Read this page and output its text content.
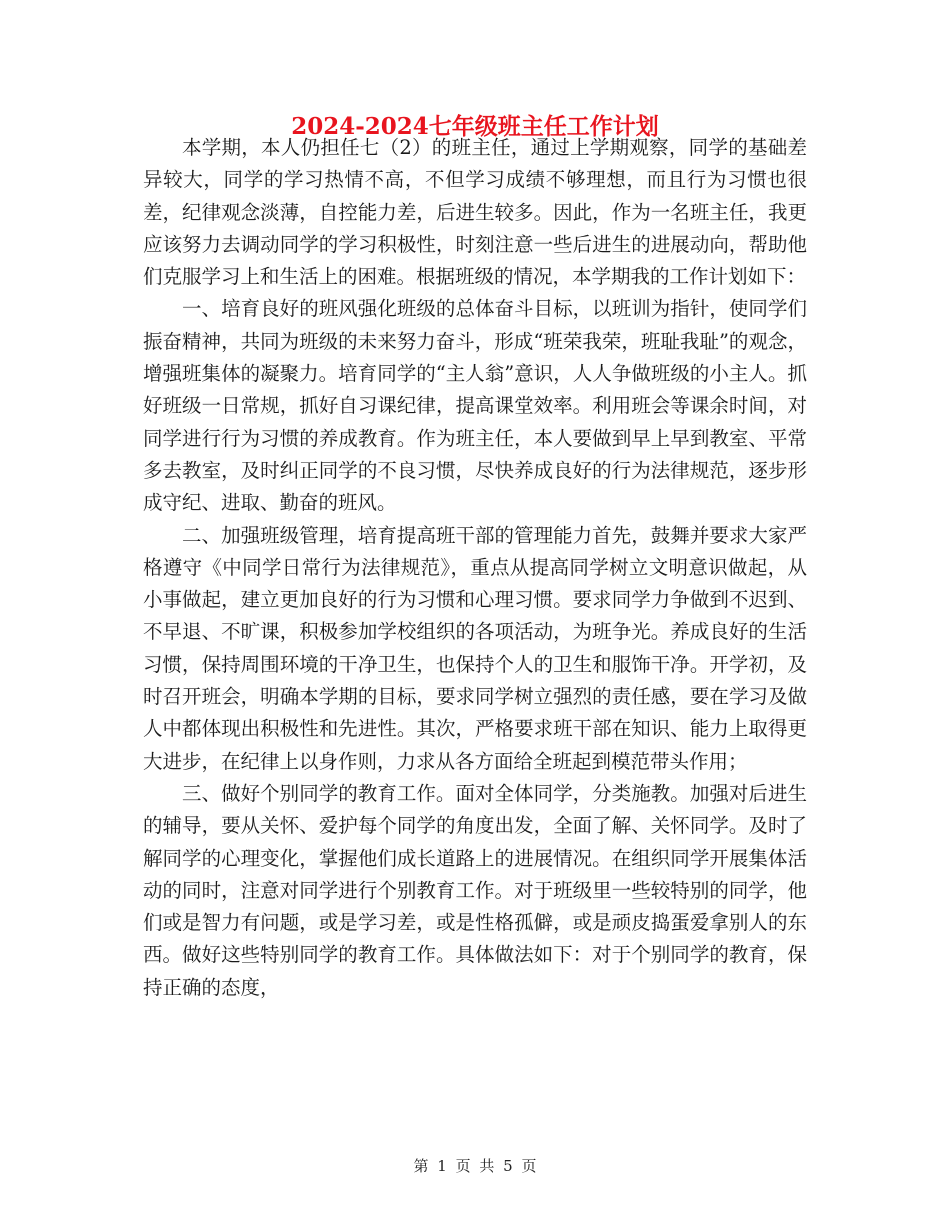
2024-2024七年级班主任工作计划

本学期，本人仍担任七（2）的班主任，通过上学期观察，同学的基础差异较大，同学的学习热情不高，不但学习成绩不够理想，而且行为习惯也很差，纪律观念淡薄，自控能力差，后进生较多。因此，作为一名班主任，我更应该努力去调动同学的学习积极性，时刻注意一些后进生的进展动向，帮助他们克服学习上和生活上的困难。根据班级的情况，本学期我的工作计划如下：

一、培育良好的班风强化班级的总体奋斗目标，以班训为指针，使同学们振奋精神，共同为班级的未来努力奋斗，形成“班荣我荣，班耻我耻”的观念，增强班集体的凝聚力。培育同学的“主人翁”意识，人人争做班级的小主人。抓好班级一日常规，抓好自习课纪律，提高课堂效率。利用班会等课余时间，对同学进行行为习惯的养成教育。作为班主任，本人要做到早上早到教室、平常多去教室，及时纠正同学的不良习惯，尽快养成良好的行为法律规范，逐步形成守纪、进取、勤奋的班风。

二、加强班级管理，培育提高班干部的管理能力首先，鼓舞并要求大家严格遵守《中同学日常行为法律规范》，重点从提高同学树立文明意识做起，从小事做起，建立更加良好的行为习惯和心理习惯。要求同学力争做到不迟到、不早退、不旷课，积极参加学校组织的各项活动，为班争光。养成良好的生活习惯，保持周围环境的干净卫生，也保持个人的卫生和服饰干净。开学初，及时召开班会，明确本学期的目标，要求同学树立强烈的责任感，要在学习及做人中都体现出积极性和先进性。其次，严格要求班干部在知识、能力上取得更大进步，在纪律上以身作则，力求从各方面给全班起到模范带头作用；

三、做好个别同学的教育工作。面对全体同学，分类施教。加强对后进生的辅导，要从关怀、爱护每个同学的角度出发，全面了解、关怀同学。及时了解同学的心理变化，掌握他们成长道路上的进展情况。在组织同学开展集体活动的同时，注意对同学进行个别教育工作。对于班级里一些较特别的同学，他们或是智力有问题，或是学习差，或是性格孤僻，或是顽皮捣蛋爱拿别人的东西。做好这些特别同学的教育工作。具体做法如下：对于个别同学的教育，保持正确的态度，

第 1 页 共 5 页
